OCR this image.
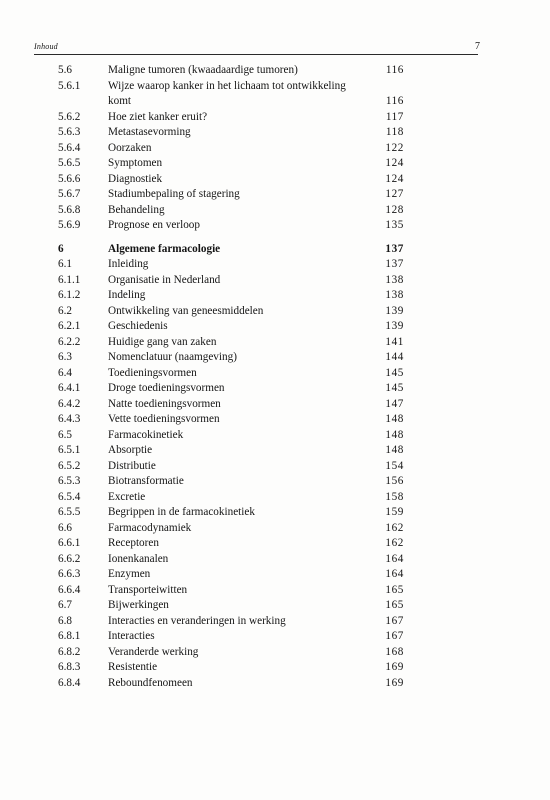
Inhoud	7
5.6	Maligne tumoren (kwaadaardige tumoren)	116
5.6.1	Wijze waarop kanker in het lichaam tot ontwikkeling komt	116
5.6.2	Hoe ziet kanker eruit?	117
5.6.3	Metastasevorming	118
5.6.4	Oorzaken	122
5.6.5	Symptomen	124
5.6.6	Diagnostiek	124
5.6.7	Stadiumbepaling of stagering	127
5.6.8	Behandeling	128
5.6.9	Prognose en verloop	135
6	Algemene farmacologie	137
6.1	Inleiding	137
6.1.1	Organisatie in Nederland	138
6.1.2	Indeling	138
6.2	Ontwikkeling van geneesmiddelen	139
6.2.1	Geschiedenis	139
6.2.2	Huidige gang van zaken	141
6.3	Nomenclatuur (naamgeving)	144
6.4	Toedieningsvormen	145
6.4.1	Droge toedieningsvormen	145
6.4.2	Natte toedieningsvormen	147
6.4.3	Vette toedieningsvormen	148
6.5	Farmacokinetiek	148
6.5.1	Absorptie	148
6.5.2	Distributie	154
6.5.3	Biotransformatie	156
6.5.4	Excretie	158
6.5.5	Begrippen in de farmacokinetiek	159
6.6	Farmacodynamiek	162
6.6.1	Receptoren	162
6.6.2	Ionenkanalen	164
6.6.3	Enzymen	164
6.6.4	Transporteiwitten	165
6.7	Bijwerkingen	165
6.8	Interacties en veranderingen in werking	167
6.8.1	Interacties	167
6.8.2	Veranderde werking	168
6.8.3	Resistentie	169
6.8.4	Reboundfenomeen	169
